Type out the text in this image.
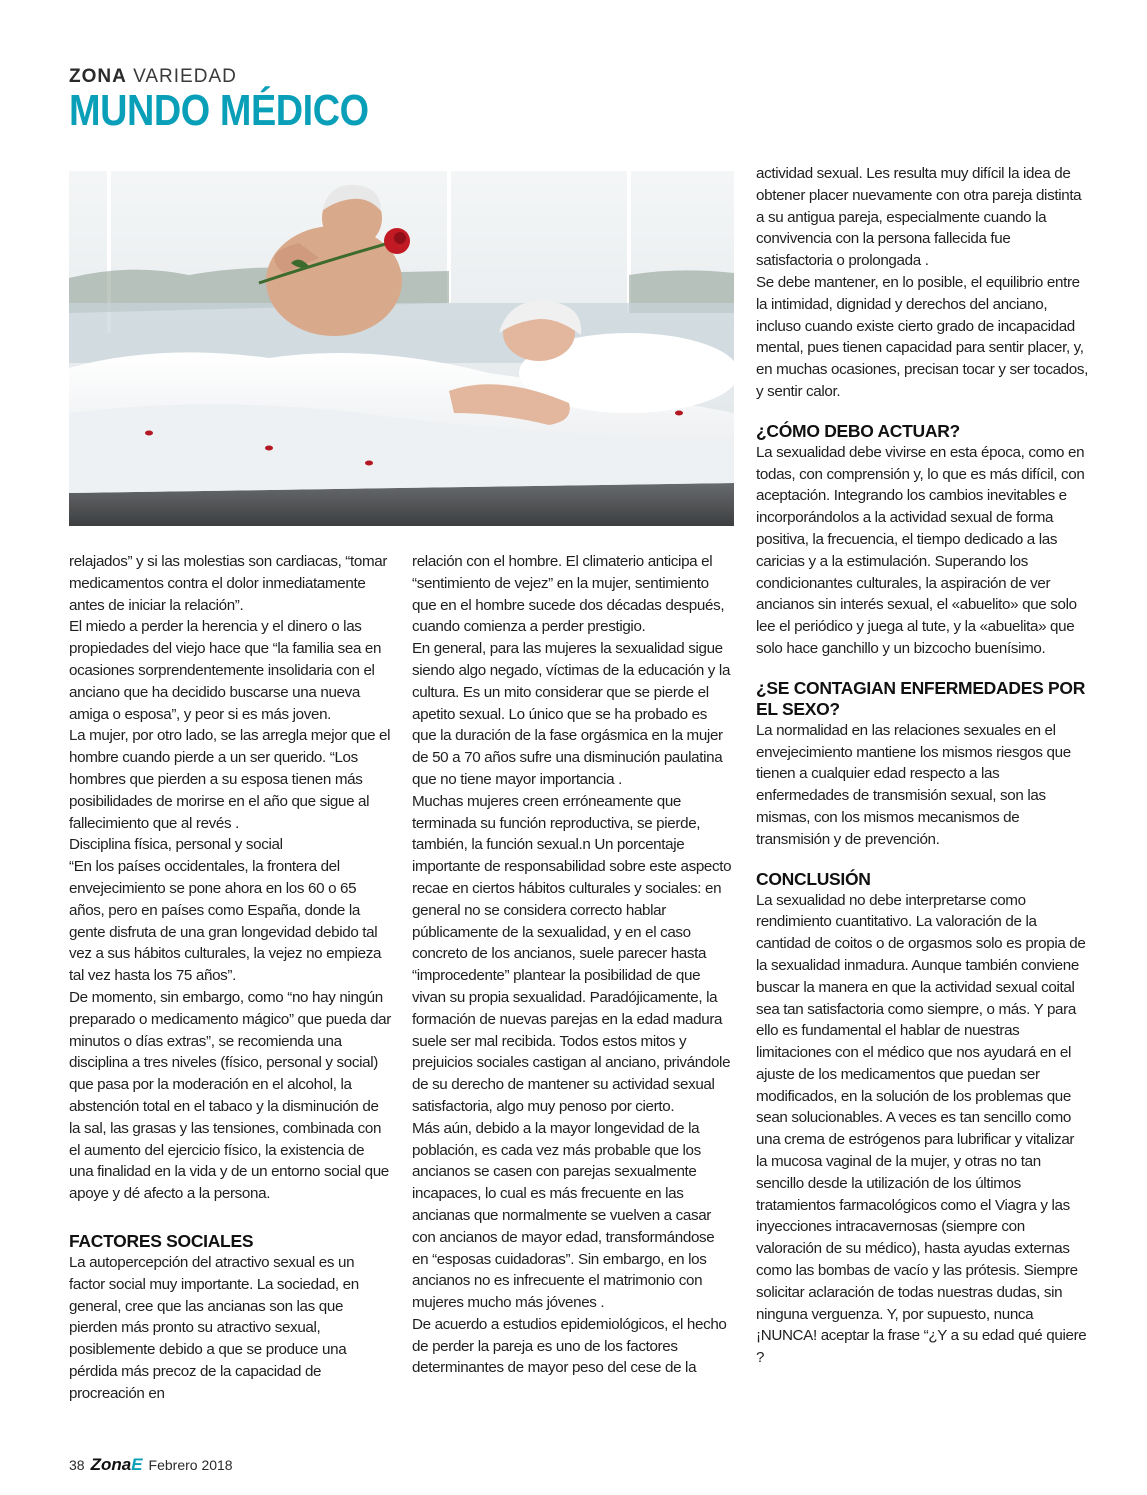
ZONA VARIEDAD
MUNDO MÉDICO

relajados” y si las molestias son cardiacas, “tomar medicamentos contra el dolor inmediatamente antes de iniciar la relación”.

El miedo a perder la herencia y el dinero o las propiedades del viejo hace que “la familia sea en ocasiones sorprendentemente insolidaria con el anciano que ha decidido buscarse una nueva amiga o esposa”, y peor si es más joven.

La mujer, por otro lado, se las arregla mejor que el hombre cuando pierde a un ser querido. “Los hombres que pierden a su esposa tienen más posibilidades de morirse en el año que sigue al fallecimiento que al revés .

Disciplina física, personal y social

“En los países occidentales, la frontera del envejecimiento se pone ahora en los 60 o 65 años, pero en países como España, donde la gente disfruta de una gran longevidad debido tal vez a sus hábitos culturales, la vejez no empieza tal vez hasta los 75 años”.

De momento, sin embargo, como “no hay ningún preparado o medicamento mágico” que pueda dar minutos o días extras”, se recomienda una disciplina a tres niveles (físico, personal y social) que pasa por la moderación en el alcohol, la abstención total en el tabaco y la disminución de la sal, las grasas y las tensiones, combinada con el aumento del ejercicio físico, la existencia de una finalidad en la vida y de un entorno social que apoye y dé afecto a la persona.

FACTORES SOCIALES

La autopercepción del atractivo sexual es un factor social muy importante. La sociedad, en general, cree que las ancianas son las que pierden más pronto su atractivo sexual, posiblemente debido a que se produce una pérdida más precoz de la capacidad de procreación en

relación con el hombre. El climaterio anticipa el “sentimiento de vejez” en la mujer, sentimiento que en el hombre sucede dos décadas después, cuando comienza a perder prestigio.

En general, para las mujeres la sexualidad sigue siendo algo negado, víctimas de la educación y la cultura. Es un mito considerar que se pierde el apetito sexual. Lo único que se ha probado es que la duración de la fase orgásmica en la mujer de 50 a 70 años sufre una disminución paulatina que no tiene mayor importancia .

Muchas mujeres creen erróneamente que terminada su función reproductiva, se pierde, también, la función sexual.n Un porcentaje importante de responsabilidad sobre este aspecto recae en ciertos hábitos culturales y sociales: en general no se considera correcto hablar públicamente de la sexualidad, y en el caso concreto de los ancianos, suele parecer hasta “improcedente” plantear la posibilidad de que vivan su propia sexualidad. Paradójicamente, la formación de nuevas parejas en la edad madura suele ser mal recibida. Todos estos mitos y prejuicios sociales castigan al anciano, privándole de su derecho de mantener su actividad sexual satisfactoria, algo muy penoso por cierto.

Más aún, debido a la mayor longevidad de la población, es cada vez más probable que los ancianos se casen con parejas sexualmente incapaces, lo cual es más frecuente en las ancianas que normalmente se vuelven a casar con ancianos de mayor edad, transformándose en “esposas cuidadoras”. Sin embargo, en los ancianos no es infrecuente el matrimonio con mujeres mucho más jóvenes .

De acuerdo a estudios epidemiológicos, el hecho de perder la pareja es uno de los factores determinantes de mayor peso del cese de la

actividad sexual. Les resulta muy difícil la idea de obtener placer nuevamente con otra pareja distinta a su antigua pareja, especialmente cuando la convivencia con la persona fallecida fue satisfactoria o prolongada .

Se debe mantener, en lo posible, el equilibrio entre la intimidad, dignidad y derechos del anciano, incluso cuando existe cierto grado de incapacidad mental, pues tienen capacidad para sentir placer, y, en muchas ocasiones, precisan tocar y ser tocados, y sentir calor.

¿CÓMO DEBO ACTUAR?

La sexualidad debe vivirse en esta época, como en todas, con comprensión y, lo que es más difícil, con aceptación. Integrando los cambios inevitables e incorporándolos a la actividad sexual de forma positiva, la frecuencia, el tiempo dedicado a las caricias y a la estimulación. Superando los condicionantes culturales, la aspiración de ver ancianos sin interés sexual, el «abuelito» que solo lee el periódico y juega al tute, y la «abuelita» que solo hace ganchillo y un bizcocho buenísimo.

¿SE CONTAGIAN ENFERMEDADES POR EL SEXO?

La normalidad en las relaciones sexuales en el envejecimiento mantiene los mismos riesgos que tienen a cualquier edad respecto a las enfermedades de transmisión sexual, son las mismas, con los mismos mecanismos de transmisión y de prevención.

CONCLUSIÓN

La sexualidad no debe interpretarse como rendimiento cuantitativo. La valoración de la cantidad de coitos o de orgasmos solo es propia de la sexualidad inmadura. Aunque también conviene buscar la manera en que la actividad sexual coital sea tan satisfactoria como siempre, o más. Y para ello es fundamental el hablar de nuestras limitaciones con el médico que nos ayudará en el ajuste de los medicamentos que puedan ser modificados, en la solución de los problemas que sean solucionables. A veces es tan sencillo como una crema de estrógenos para lubrificar y vitalizar la mucosa vaginal de la mujer, y otras no tan sencillo desde la utilización de los últimos tratamientos farmacológicos como el Viagra y las inyecciones intracavernosas (siempre con valoración de su médico), hasta ayudas externas como las bombas de vacío y las prótesis. Siempre solicitar aclaración de todas nuestras dudas, sin ninguna verguenza. Y, por supuesto, nunca ¡NUNCA! aceptar la frase “¿Y a su edad qué quiere ?

38 ZonaE Febrero 2018
